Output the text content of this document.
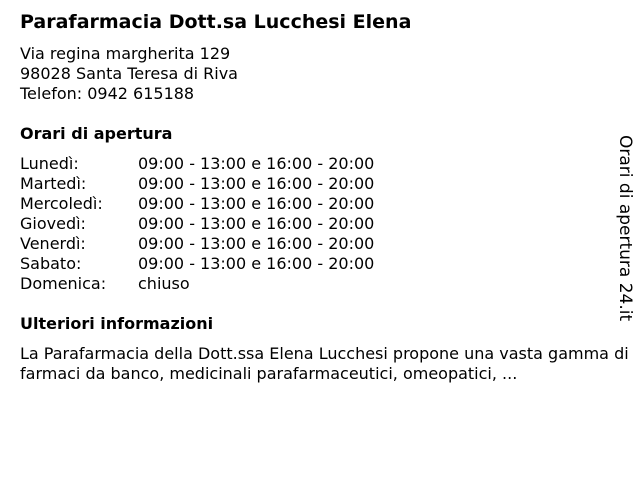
Parafarmacia Dott.sa Lucchesi Elena
Via regina margherita 129
98028 Santa Teresa di Riva
Telefon: 0942 615188
Orari di apertura
Lunedì:	09:00 - 13:00 e 16:00 - 20:00
Martedì:	09:00 - 13:00 e 16:00 - 20:00
Mercoledì: 09:00 - 13:00 e 16:00 - 20:00
Giovedì:	09:00 - 13:00 e 16:00 - 20:00
Venerdì:	09:00 - 13:00 e 16:00 - 20:00
Sabato:	09:00 - 13:00 e 16:00 - 20:00
Domenica: chiuso
Ulteriori informazioni

La Parafarmacia della Dott.ssa Elena Lucchesi propone una vasta gamma di farmaci da banco, medicinali parafarmaceutici, omeopatici, ...

Orari di apertura 24.it
